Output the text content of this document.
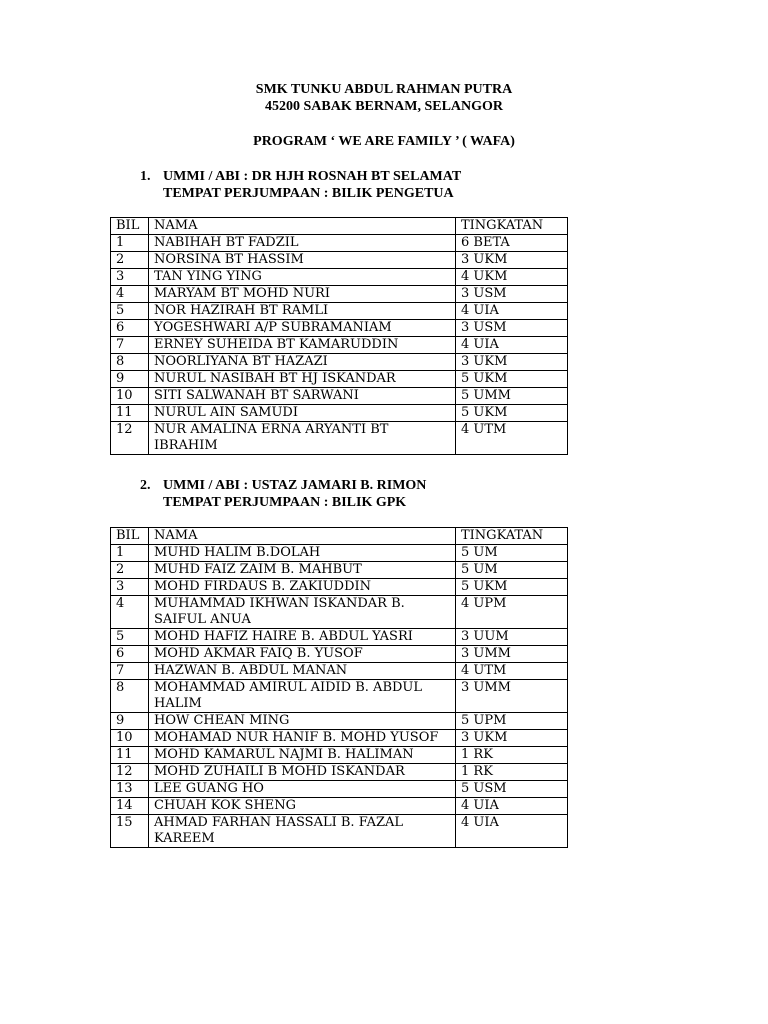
SMK TUNKU ABDUL RAHMAN PUTRA
45200 SABAK BERNAM, SELANGOR
PROGRAM ‘ WE ARE FAMILY ’ ( WAFA)
1. UMMI / ABI : DR HJH ROSNAH BT SELAMAT
TEMPAT PERJUMPAAN : BILIK PENGETUA
BIL	NAMA	TINGKATAN
1	NABIHAH BT FADZIL	6 BETA
2	NORSINA BT HASSIM	3 UKM
3	TAN YING YING	4 UKM
4	MARYAM BT MOHD NURI	3 USM
5	NOR HAZIRAH BT RAMLI	4 UIA
6	YOGESHWARI A/P SUBRAMANIAM	3 USM
7	ERNEY SUHEIDA BT KAMARUDDIN	4 UIA
8	NOORLIYANA BT HAZAZI	3 UKM
9	NURUL NASIBAH BT HJ ISKANDAR	5 UKM
10	SITI SALWANAH BT SARWANI	5 UMM
11	NURUL AIN SAMUDI	5 UKM
12	NUR AMALINA ERNA ARYANTI BT IBRAHIM	4 UTM
2. UMMI / ABI : USTAZ JAMARI B. RIMON
TEMPAT PERJUMPAAN : BILIK GPK
BIL	NAMA	TINGKATAN
1	MUHD HALIM B.DOLAH	5 UM
2	MUHD FAIZ ZAIM B. MAHBUT	5 UM
3	MOHD FIRDAUS B. ZAKIUDDIN	5 UKM
4	MUHAMMAD IKHWAN ISKANDAR B. SAIFUL ANUA	4 UPM
5	MOHD HAFIZ HAIRE B. ABDUL YASRI	3 UUM
6	MOHD AKMAR FAIQ B. YUSOF	3 UMM
7	HAZWAN B. ABDUL MANAN	4 UTM
8	MOHAMMAD AMIRUL AIDID B. ABDUL HALIM	3 UMM
9	HOW CHEAN MING	5 UPM
10	MOHAMAD NUR HANIF B. MOHD YUSOF	3 UKM
11	MOHD KAMARUL NAJMI B. HALIMAN	1 RK
12	MOHD ZUHAILI B MOHD ISKANDAR	1 RK
13	LEE GUANG HO	5 USM
14	CHUAH KOK SHENG	4 UIA
15	AHMAD FARHAN HASSALI B. FAZAL KAREEM	4 UIA
